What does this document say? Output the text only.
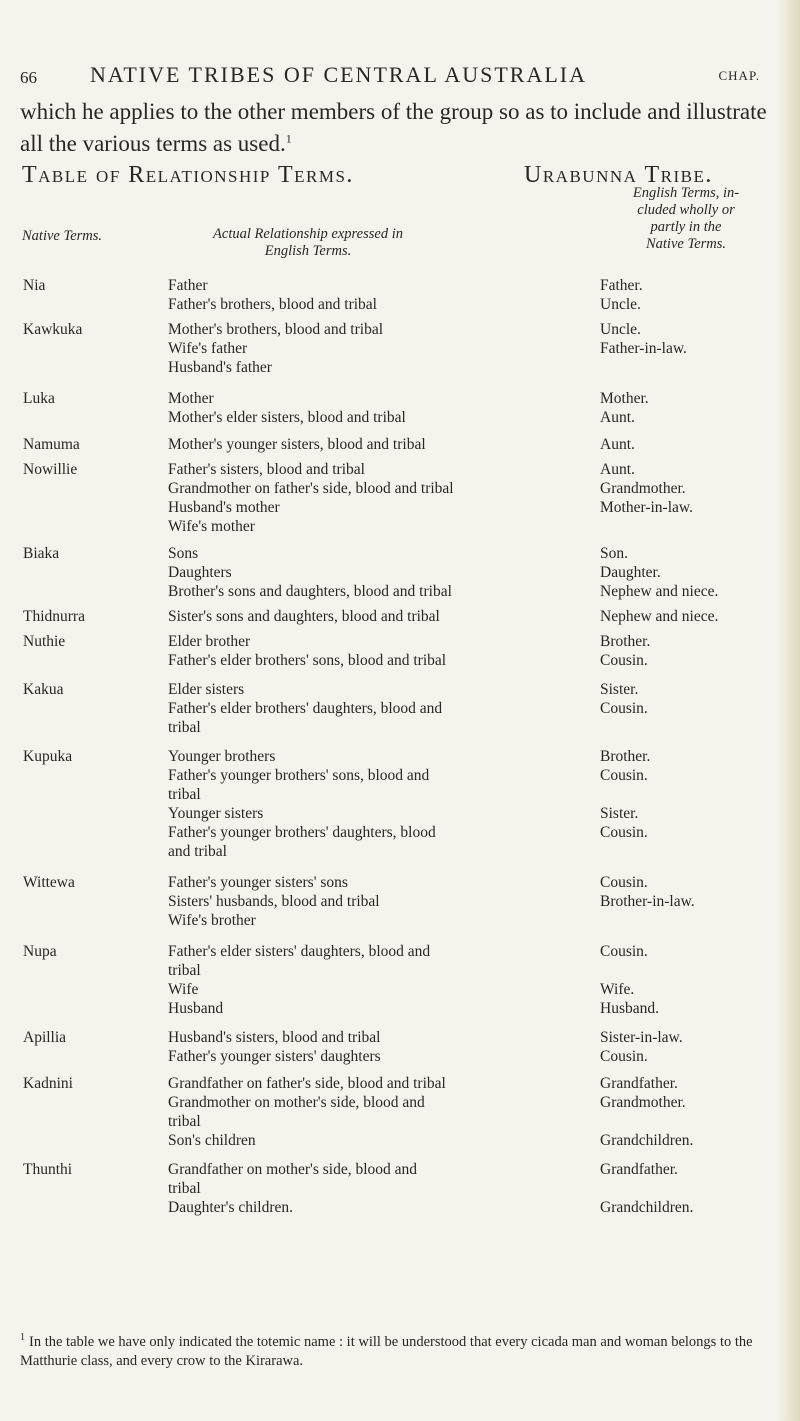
66 NATIVE TRIBES OF CENTRAL AUSTRALIA	CHAP.
which he applies to the other members of the group so as to include and illustrate all the various terms as used.$^1$
Table of Relationship Terms.	Urabunna Tribe.
Native Terms.	Actual Relationship expressed in
English Terms.
English Terms, in-
cluded wholly or
partly in the
Native Terms.
Nia	Father	Father.
Father's brothers, blood and tribal	Uncle.
Kawkuka	Mother's brothers, blood and tribal	Uncle.
Wife's father	Father-in-law.
Husband's father
Luka	Mother	Mother.
Mother's elder sisters, blood and tribal	Aunt.
Namuma	Mother's younger sisters, blood and tribal	Aunt.
Nowillie	Father's sisters, blood and tribal	Aunt.
Grandmother on father's side, blood and tribal	Grandmother.
Husband's mother	Mother-in-law.
Wife's mother
Biaka	Sons	Son.
Daughters	Daughter.
Brother's sons and daughters, blood and tribal	Nephew and niece.
Thidnurra	Sister's sons and daughters, blood and tribal	Nephew and niece.
Nuthie	Elder brother	Brother.
Father's elder brothers' sons, blood and tribal	Cousin.
Kakua	Elder sisters	Sister.
Father's elder brothers' daughters, blood and	Cousin.
tribal
Kupuka	Younger brothers	Brother.
Father's younger brothers' sons, blood and	Cousin.
tribal
Younger sisters	Sister.
Father's younger brothers' daughters, blood	Cousin.
and tribal
Wittewa	Father's younger sisters' sons	Cousin.
Sisters' husbands, blood and tribal	Brother-in-law.
Wife's brother
Nupa	Father's elder sisters' daughters, blood and	Cousin.
tribal
Wife	Wife.
Husband	Husband.
Apillia	Husband's sisters, blood and tribal	Sister-in-law.
Father's younger sisters' daughters	Cousin.
Kadnini	Grandfather on father's side, blood and tribal	Grandfather.
Grandmother on mother's side, blood and	Grandmother.
tribal
Son's children	Grandchildren.
Thunthi	Grandfather on mother's side, blood and	Grandfather.
tribal
Daughter's children.	Grandchildren.
$^1$ In the table we have only indicated the totemic name : it will be understood that every cicada man and woman belongs to the Matthurie class, and every crow to the Kirarawa.
